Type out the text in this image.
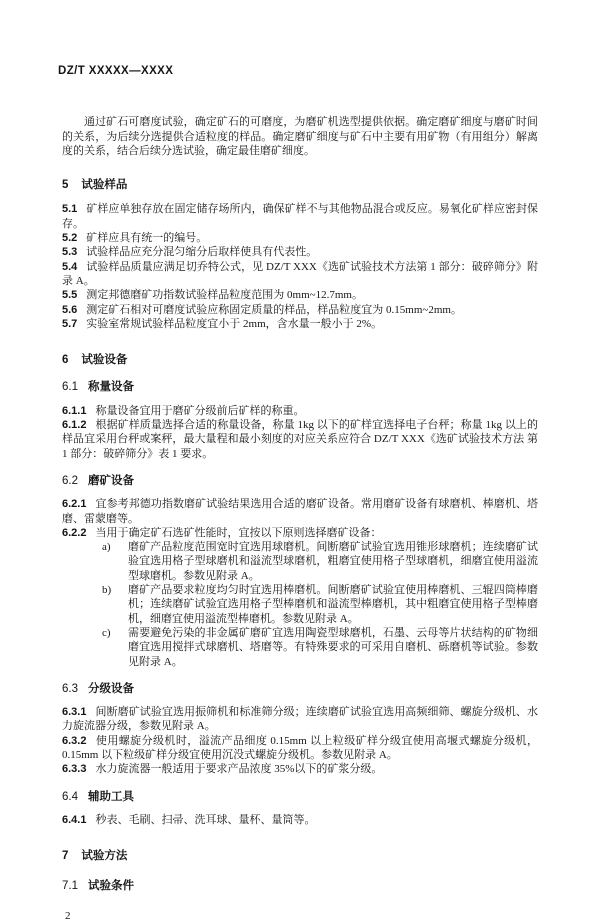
DZ/T XXXXX—XXXX

通过矿石可磨度试验，确定矿石的可磨度，为磨矿机选型提供依据。确定磨矿细度与磨矿时间的关系，为后续分选提供合适粒度的样品。确定磨矿细度与矿石中主要有用矿物（有用组分）解离度的关系，结合后续分选试验，确定最佳磨矿细度。

5 试验样品

5.1 矿样应单独存放在固定储存场所内，确保矿样不与其他物品混合或反应。易氧化矿样应密封保存。

5.2 矿样应具有统一的编号。

5.3 试验样品应充分混匀缩分后取样使具有代表性。

5.4 试验样品质量应满足切乔特公式，见 DZ/T XXX《选矿试验技术方法第 1 部分：破碎筛分》附录 A。

5.5 测定邦德磨矿功指数试验样品粒度范围为 0mm~12.7mm。

5.6 测定矿石相对可磨度试验应称固定质量的样品，样品粒度宜为 0.15mm~2mm。

5.7 实验室常规试验样品粒度宜小于 2mm，含水量一般小于 2%。

6 试验设备
6.1 称量设备

6.1.1 称量设备宜用于磨矿分级前后矿样的称重。

6.1.2 根据矿样质量选择合适的称量设备，称量 1kg 以下的矿样宜选择电子台秤；称量 1kg 以上的样品宜采用台秤或案秤，最大量程和最小刻度的对应关系应符合 DZ/T XXX《选矿试验技术方法 第 1 部分：破碎筛分》表 1 要求。

6.2 磨矿设备

6.2.1 宜参考邦德功指数磨矿试验结果选用合适的磨矿设备。常用磨矿设备有球磨机、棒磨机、塔磨、雷蒙磨等。

6.2.2 当用于确定矿石选矿性能时，宜按以下原则选择磨矿设备：

a)	磨矿产品粒度范围宽时宜选用球磨机。间断磨矿试验宜选用锥形球磨机；连续磨矿试验宜选用格子型球磨机和溢流型球磨机，粗磨宜使用格子型球磨机，细磨宜使用溢流型球磨机。参数见附录 A。
b)	磨矿产品要求粒度均匀时宜选用棒磨机。间断磨矿试验宜使用棒磨机、三辊四筒棒磨机；连续磨矿试验宜选用格子型棒磨机和溢流型棒磨机，其中粗磨宜使用格子型棒磨机，细磨宜使用溢流型棒磨机。参数见附录 A。
c)	需要避免污染的非金属矿磨矿宜选用陶瓷型球磨机，石墨、云母等片状结构的矿物细磨宜选用搅拌式球磨机、塔磨等。有特殊要求的可采用自磨机、砾磨机等试验。参数见附录 A。
6.3 分级设备

6.3.1 间断磨矿试验宜选用振筛机和标准筛分级；连续磨矿试验宜选用高频细筛、螺旋分级机、水力旋流器分级，参数见附录 A。

6.3.2 使用螺旋分级机时，溢流产品细度 0.15mm 以上粒级矿样分级宜使用高堰式螺旋分级机，0.15mm 以下粒级矿样分级宜使用沉没式螺旋分级机。参数见附录 A。

6.3.3 水力旋流器一般适用于要求产品浓度 35%以下的矿浆分级。

6.4 辅助工具

6.4.1 秒表、毛刷、扫帚、洗耳球、量杯、量筒等。

7 试验方法
7.1 试验条件
2
